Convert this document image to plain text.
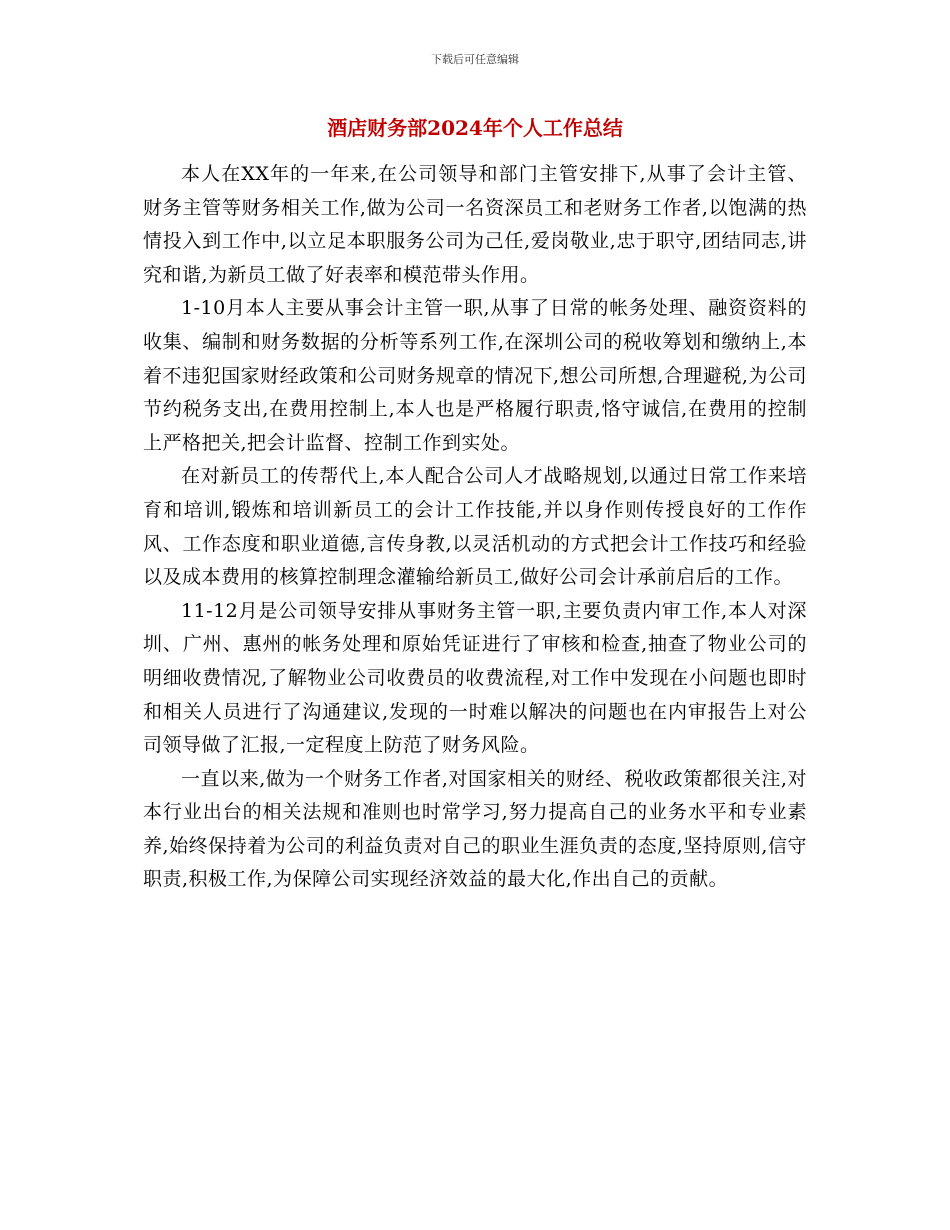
下载后可任意编辑
酒店财务部2024年个人工作总结

本人在XX年的一年来,在公司领导和部门主管安排下,从事了会计主管、财务主管等财务相关工作,做为公司一名资深员工和老财务工作者,以饱满的热情投入到工作中,以立足本职服务公司为己任,爱岗敬业,忠于职守,团结同志,讲究和谐,为新员工做了好表率和模范带头作用。

1-10月本人主要从事会计主管一职,从事了日常的帐务处理、融资资料的收集、编制和财务数据的分析等系列工作,在深圳公司的税收筹划和缴纳上,本着不违犯国家财经政策和公司财务规章的情况下,想公司所想,合理避税,为公司节约税务支出,在费用控制上,本人也是严格履行职责,恪守诚信,在费用的控制上严格把关,把会计监督、控制工作到实处。

在对新员工的传帮代上,本人配合公司人才战略规划,以通过日常工作来培育和培训,锻炼和培训新员工的会计工作技能,并以身作则传授良好的工作作风、工作态度和职业道德,言传身教,以灵活机动的方式把会计工作技巧和经验以及成本费用的核算控制理念灌输给新员工,做好公司会计承前启后的工作。

11-12月是公司领导安排从事财务主管一职,主要负责内审工作,本人对深圳、广州、惠州的帐务处理和原始凭证进行了审核和检查,抽查了物业公司的明细收费情况,了解物业公司收费员的收费流程,对工作中发现在小问题也即时和相关人员进行了沟通建议,发现的一时难以解决的问题也在内审报告上对公司领导做了汇报,一定程度上防范了财务风险。

一直以来,做为一个财务工作者,对国家相关的财经、税收政策都很关注,对本行业出台的相关法规和准则也时常学习,努力提高自己的业务水平和专业素养,始终保持着为公司的利益负责对自己的职业生涯负责的态度,坚持原则,信守职责,积极工作,为保障公司实现经济效益的最大化,作出自己的贡献。
